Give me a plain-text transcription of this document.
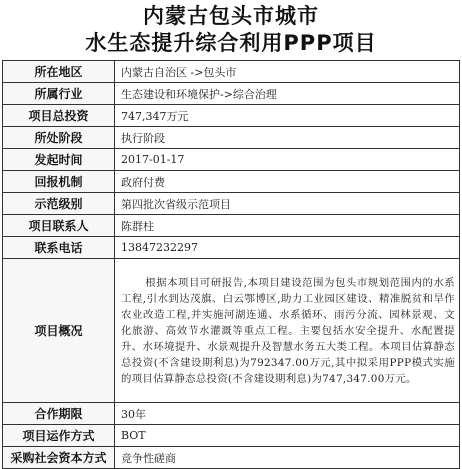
内蒙古包头市城市
水生态提升综合利用PPP项目
所在地区	内蒙古自治区 ->包头市
所属行业	生态建设和环境保护->综合治理
项目总投资	747,347万元
所处阶段	执行阶段
发起时间	2017-01-17
回报机制	政府付费
示范级别	第四批次省级示范项目
项目联系人	陈群柱
联系电话	13847232297
项目概况	根据本项目可研报告,本项目建设范围为包头市规划范围内的水系工程,引水到达茂旗、白云鄂博区,助力工业园区建设、精准脱贫和旱作农业改造工程,并实施河湖连通、水系循环、雨污分流、园林景观、文化旅游、高效节水灌溉等重点工程。主要包括水安全提升、水配置提升、水环境提升、水景观提升及智慧水务五大类工程。本项目估算静态总投资(不含建设期利息)为792347.00万元,其中拟采用PPP模式实施的项目估算静态总投资(不含建设期利息)为747,347.00万元。
合作期限	30年
项目运作方式	BOT
采购社会资本方式	竞争性磋商
